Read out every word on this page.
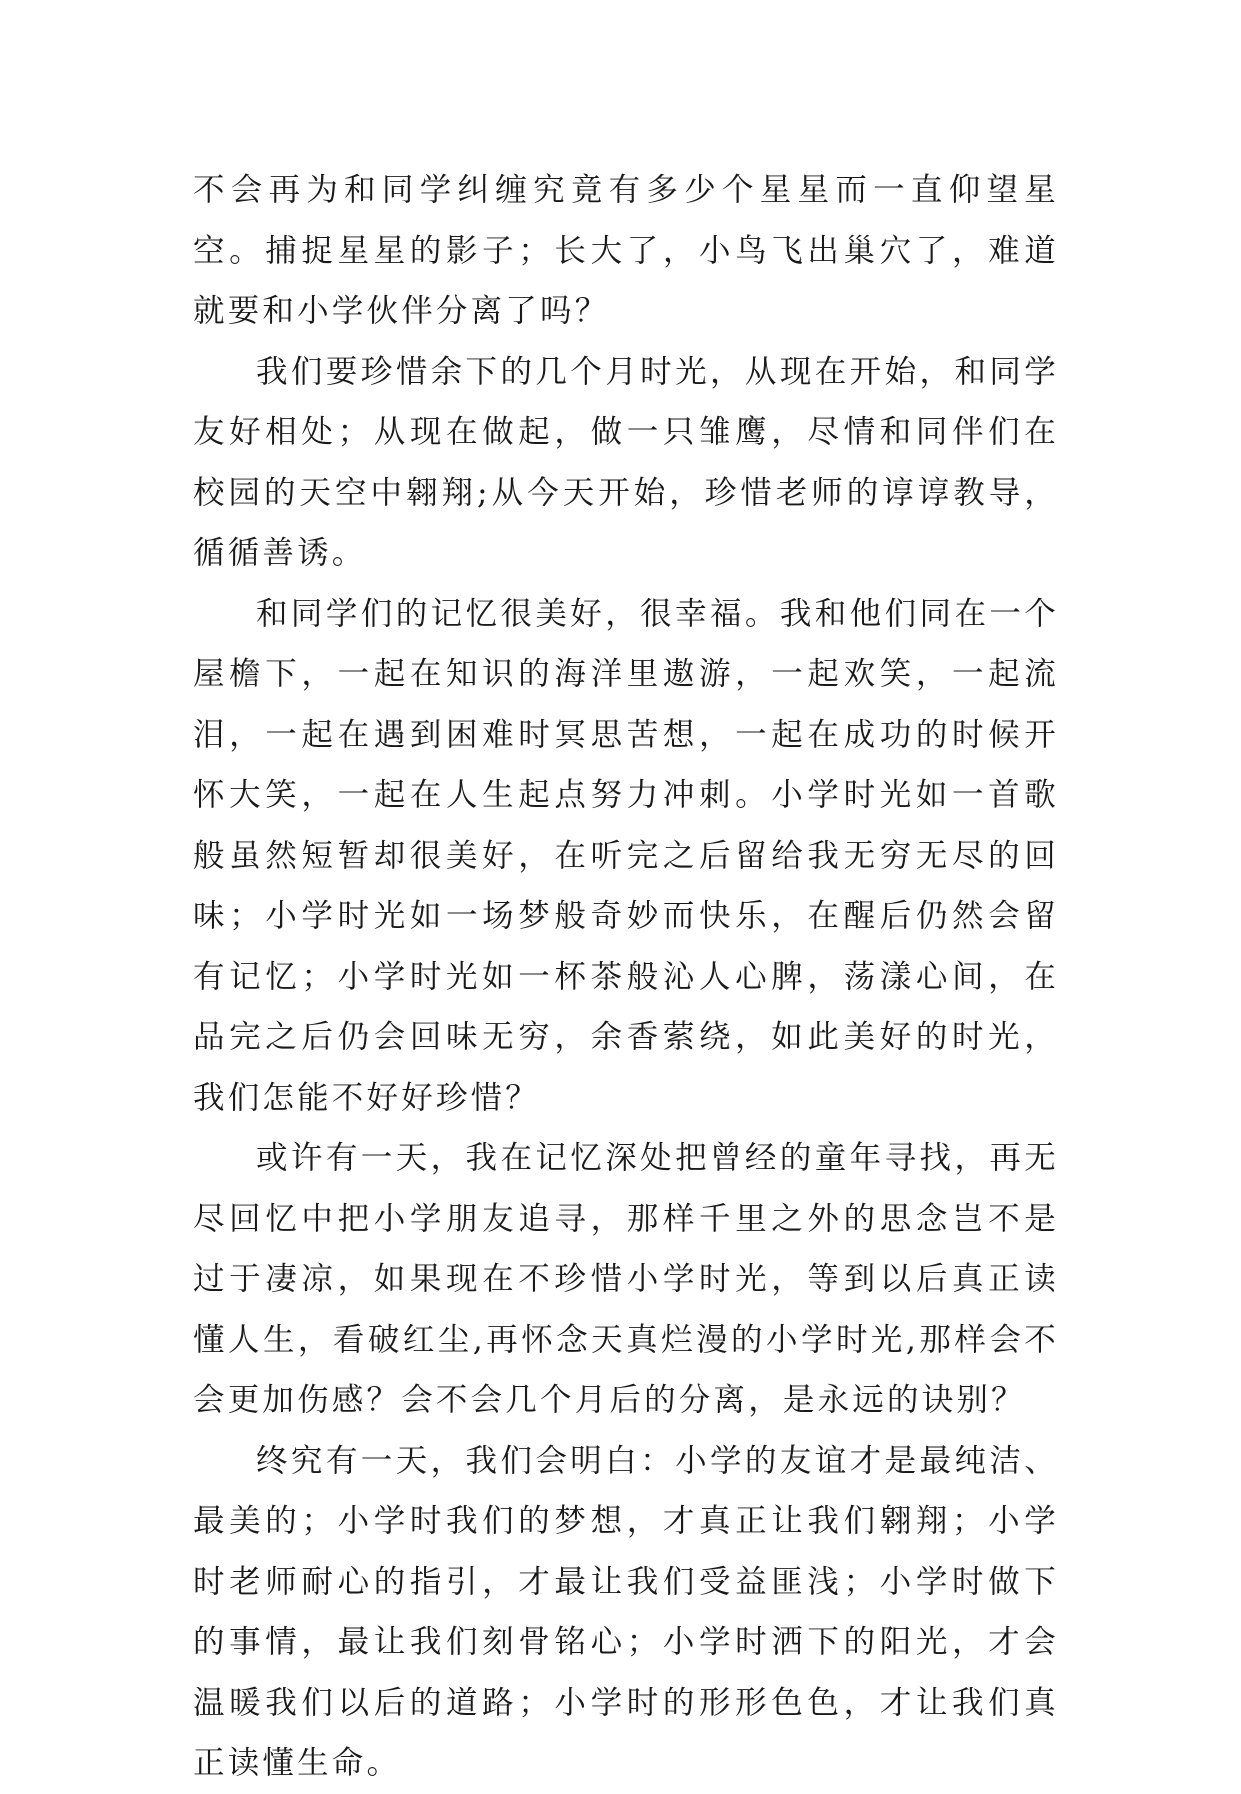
不会再为和同学纠缠究竟有多少个星星而一直仰望星空。捕捉星星的影子；长大了，小鸟飞出巢穴了，难道就要和小学伙伴分离了吗？

我们要珍惜余下的几个月时光，从现在开始，和同学友好相处；从现在做起，做一只雏鹰，尽情和同伴们在校园的天空中翱翔;从今天开始，珍惜老师的谆谆教导，循循善诱。

和同学们的记忆很美好，很幸福。我和他们同在一个屋檐下，一起在知识的海洋里遨游，一起欢笑，一起流泪，一起在遇到困难时冥思苦想，一起在成功的时候开怀大笑，一起在人生起点努力冲刺。小学时光如一首歌般虽然短暂却很美好，在听完之后留给我无穷无尽的回味；小学时光如一场梦般奇妙而快乐，在醒后仍然会留有记忆；小学时光如一杯茶般沁人心脾，荡漾心间，在品完之后仍会回味无穷，余香萦绕，如此美好的时光，我们怎能不好好珍惜？

或许有一天，我在记忆深处把曾经的童年寻找，再无尽回忆中把小学朋友追寻，那样千里之外的思念岂不是过于凄凉，如果现在不珍惜小学时光，等到以后真正读懂人生，看破红尘,再怀念天真烂漫的小学时光,那样会不会更加伤感？会不会几个月后的分离，是永远的诀别？

终究有一天，我们会明白：小学的友谊才是最纯洁、最美的；小学时我们的梦想，才真正让我们翱翔；小学时老师耐心的指引，才最让我们受益匪浅；小学时做下的事情，最让我们刻骨铭心；小学时洒下的阳光，才会温暖我们以后的道路；小学时的形形色色，才让我们真正读懂生命。
